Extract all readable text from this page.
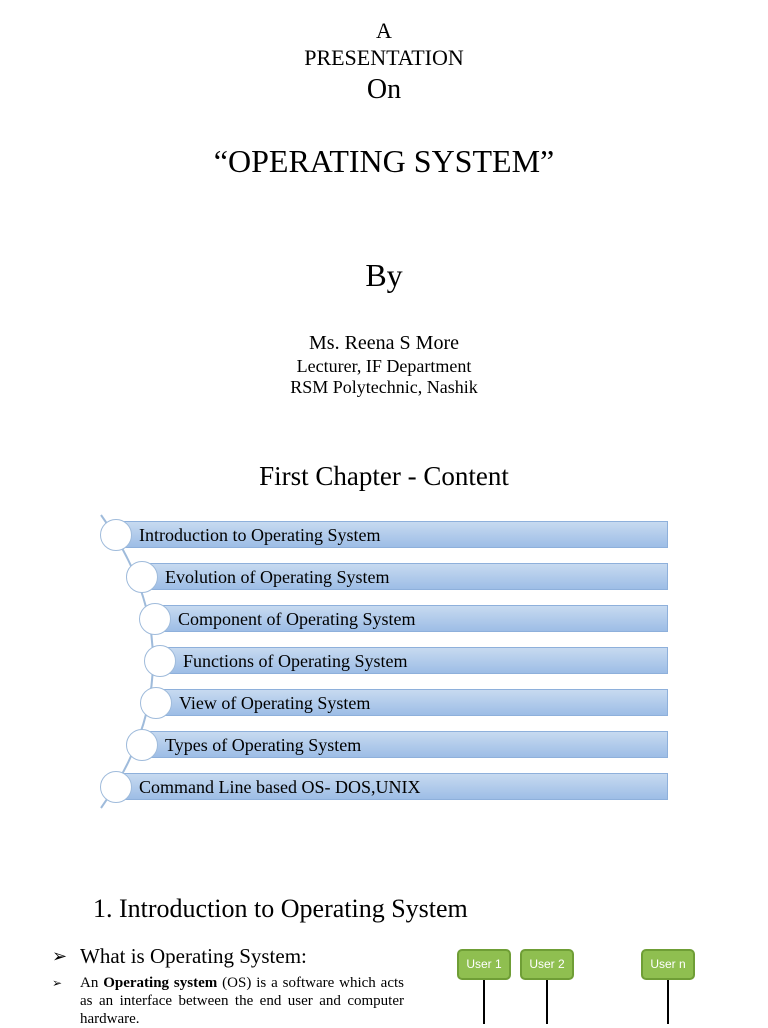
A
PRESENTATION
On
“OPERATING SYSTEM”
By
Ms. Reena S More
Lecturer, IF Department
RSM Polytechnic, Nashik
First Chapter - Content
Introduction to Operating System
Evolution of Operating System
Component of Operating System
Functions of Operating System
View of Operating System
Types of Operating System
Command Line based OS- DOS,UNIX
1. Introduction to Operating System
➢ What is Operating System:
➢	An Operating system (OS) is a software which acts as an interface between the end user and computer hardware.
User 1	User 2	User n
